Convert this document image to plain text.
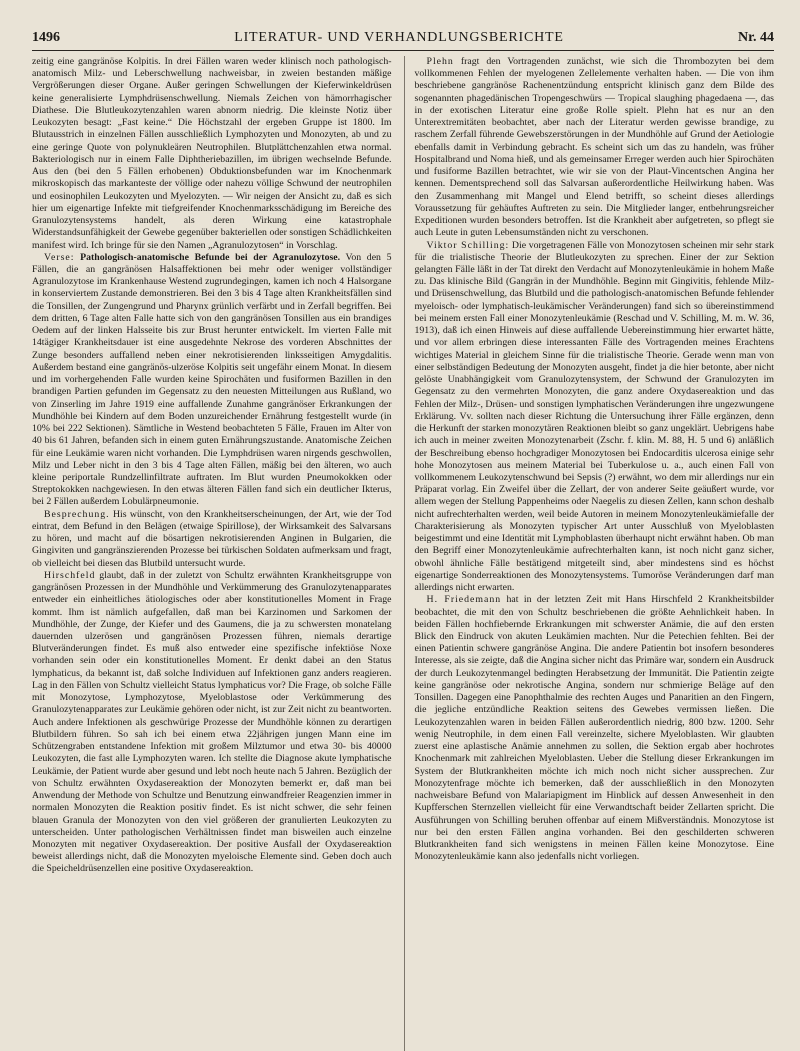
1496	LITERATUR- UND VERHANDLUNGSBERICHTE	Nr. 44

zeitig eine gangränöse Kolpitis. In drei Fällen waren weder klinisch noch pathologisch-anatomisch Milz- und Leberschwellung nachweisbar, in zweien bestanden mäßige Vergrößerungen dieser Organe. Außer geringen Schwellungen der Kieferwinkeldrüsen keine generalisierte Lymphdrüsenschwellung. Niemals Zeichen von hämorrhagischer Diathese. Die Blutleukozytenzahlen waren abnorm niedrig. Die kleinste Notiz über Leukozyten besagt: „Fast keine.“ Die Höchstzahl der ergeben Gruppe ist 1800. Im Blutausstrich in einzelnen Fällen ausschließlich Lymphozyten und Monozyten, ab und zu eine geringe Quote von polynukleären Neutrophilen. Blutplättchenzahlen etwa normal. Bakteriologisch nur in einem Falle Diphtheriebazillen, im übrigen wechselnde Befunde. Aus den (bei den 5 Fällen erhobenen) Obduktionsbefunden war im Knochenmark mikroskopisch das markanteste der völlige oder nahezu völlige Schwund der neutrophilen und eosinophilen Leukozyten und Myelozyten. — Wir neigen der Ansicht zu, daß es sich hier um eigenartige Infekte mit tiefgreifender Knochenmarksschädigung im Bereiche des Granulozytensystems handelt, als deren Wirkung eine katastrophale Widerstandsunfähigkeit der Gewebe gegenüber bakteriellen oder sonstigen Schädlichkeiten manifest wird. Ich bringe für sie den Namen „Agranulozytosen“ in Vorschlag.

Verse: Pathologisch-anatomische Befunde bei der Agranulozytose. Von den 5 Fällen, die an gangränösen Halsaffektionen bei mehr oder weniger vollständiger Agranulozytose im Krankenhause Westend zugrundegingen, kamen ich noch 4 Halsorgane in konserviertem Zustande demonstrieren. Bei den 3 bis 4 Tage alten Krankheitsfällen sind die Tonsillen, der Zungengrund und Pharynx grünlich verfärbt und in Zerfall begriffen. Bei dem dritten, 6 Tage alten Falle hatte sich von den gangränösen Tonsillen aus ein brandiges Oedem auf der linken Halsseite bis zur Brust herunter entwickelt. Im vierten Falle mit 14tägiger Krankheitsdauer ist eine ausgedehnte Nekrose des vorderen Abschnittes der Zunge besonders auffallend neben einer nekrotisierenden linksseitigen Amygdalitis. Außerdem bestand eine gangränös-ulzeröse Kolpitis seit ungefähr einem Monat. In diesem und im vorhergehenden Falle wurden keine Spirochäten und fusiformen Bazillen in den brandigen Partien gefunden im Gegensatz zu den neuesten Mitteilungen aus Rußland, wo von Zinserling im Jahre 1919 eine auffallende Zunahme gangränöser Erkrankungen der Mundhöhle bei Kindern auf dem Boden unzureichender Ernährung festgestellt wurde (in 10% bei 222 Sektionen). Sämtliche in Westend beobachteten 5 Fälle, Frauen im Alter von 40 bis 61 Jahren, befanden sich in einem guten Ernährungszustande. Anatomische Zeichen für eine Leukämie waren nicht vorhanden. Die Lymphdrüsen waren nirgends geschwollen, Milz und Leber nicht in den 3 bis 4 Tage alten Fällen, mäßig bei den älteren, wo auch kleine periportale Rundzellinfiltrate auftraten. Im Blut wurden Pneumokokken oder Streptokokken nachgewiesen. In den etwas älteren Fällen fand sich ein deutlicher Ikterus, bei 2 Fällen außerdem Lobulärpneumonie.

Besprechung. His wünscht, von den Krankheitserscheinungen, der Art, wie der Tod eintrat, dem Befund in den Belägen (etwaige Spirillose), der Wirksamkeit des Salvarsans zu hören, und macht auf die bösartigen nekrotisierenden Anginen in Bulgarien, die Gingiviten und gangränszierenden Prozesse bei türkischen Soldaten aufmerksam und fragt, ob vielleicht bei diesen das Blutbild untersucht wurde.

Hirschfeld glaubt, daß in der zuletzt von Schultz erwähnten Krankheitsgruppe von gangränösen Prozessen in der Mundhöhle und Verkümmerung des Granulozytenapparates entweder ein einheitliches ätiologisches oder aber konstitutionelles Moment in Frage kommt. Ihm ist nämlich aufgefallen, daß man bei Karzinomen und Sarkomen der Mundhöhle, der Zunge, der Kiefer und des Gaumens, die ja zu schwersten monatelang dauernden ulzerösen und gangränösen Prozessen führen, niemals derartige Blutveränderungen findet. Es muß also entweder eine spezifische infektiöse Noxe vorhanden sein oder ein konstitutionelles Moment. Er denkt dabei an den Status lymphaticus, da bekannt ist, daß solche Individuen auf Infektionen ganz anders reagieren. Lag in den Fällen von Schultz vielleicht Status lymphaticus vor? Die Frage, ob solche Fälle mit Monozytose, Lymphozytose, Myeloblastose oder Verkümmerung des Granulozytenapparates zur Leukämie gehören oder nicht, ist zur Zeit nicht zu beantworten. Auch andere Infektionen als geschwürige Prozesse der Mundhöhle können zu derartigen Blutbildern führen. So sah ich bei einem etwa 22jährigen jungen Mann eine im Schützengraben entstandene Infektion mit großem Milztumor und etwa 30- bis 40000 Leukozyten, die fast alle Lymphozyten waren. Ich stellte die Diagnose akute lymphatische Leukämie, der Patient wurde aber gesund und lebt noch heute nach 5 Jahren. Bezüglich der von Schultz erwähnten Oxydasereaktion der Monozyten bemerkt er, daß man bei Anwendung der Methode von Schultze und Benutzung einwandfreier Reagenzien immer in normalen Monozyten die Reaktion positiv findet. Es ist nicht schwer, die sehr feinen blauen Granula der Monozyten von den viel größeren der granulierten Leukozyten zu unterscheiden. Unter pathologischen Verhältnissen findet man bisweilen auch einzelne Monozyten mit negativer Oxydasereaktion. Der positive Ausfall der Oxydasereaktion beweist allerdings nicht, daß die Monozyten myeloische Elemente sind. Geben doch auch die Speicheldrüsenzellen eine positive Oxydasereaktion.

Plehn fragt den Vortragenden zunächst, wie sich die Thrombozyten bei dem vollkommenen Fehlen der myelogenen Zellelemente verhalten haben. — Die von ihm beschriebene gangränöse Rachenentzündung entspricht klinisch ganz dem Bilde des sogenannten phagedänischen Tropengeschwürs — Tropical slaughing phagedaena —, das in der exotischen Literatur eine große Rolle spielt. Plehn hat es nur an den Unterextremitäten beobachtet, aber nach der Literatur werden gewisse brandige, zu raschem Zerfall führende Gewebszerstörungen in der Mundhöhle auf Grund der Aetiologie ebenfalls damit in Verbindung gebracht. Es scheint sich um das zu handeln, was früher Hospitalbrand und Noma hieß, und als gemeinsamer Erreger werden auch hier Spirochäten und fusiforme Bazillen betrachtet, wie wir sie von der Plaut-Vincentschen Angina her kennen. Dementsprechend soll das Salvarsan außerordentliche Heilwirkung haben. Was den Zusammenhang mit Mangel und Elend betrifft, so scheint dieses allerdings Voraussetzung für gehäuftes Auftreten zu sein. Die Mitglieder langer, entbehrungsreicher Expeditionen wurden besonders betroffen. Ist die Krankheit aber aufgetreten, so pflegt sie auch Leute in guten Lebensumständen nicht zu verschonen.

Viktor Schilling: Die vorgetragenen Fälle von Monozytosen scheinen mir sehr stark für die trialistische Theorie der Blutleukozyten zu sprechen. Einer der zur Sektion gelangten Fälle läßt in der Tat direkt den Verdacht auf Monozytenleukämie in hohem Maße zu. Das klinische Bild (Gangrän in der Mundhöhle. Beginn mit Gingivitis, fehlende Milz- und Drüsenschwellung, das Blutbild und die pathologisch-anatomischen Befunde fehlender myeloisch- oder lymphatisch-leukämischer Veränderungen) fand sich so übereinstimmend bei meinem ersten Fall einer Monozytenleukämie (Reschad und V. Schilling, M. m. W. 36, 1913), daß ich einen Hinweis auf diese auffallende Uebereinstimmung hier erwartet hätte, und vor allem erbringen diese interessanten Fälle des Vortragenden meines Erachtens wichtiges Material in gleichem Sinne für die trialistische Theorie. Gerade wenn man von einer selbständigen Bedeutung der Monozyten ausgeht, findet ja die hier betonte, aber nicht gelöste Unabhängigkeit vom Granulozytensystem, der Schwund der Granulozyten im Gegensatz zu den vermehrten Monozyten, die ganz andere Oxydasereaktion und das Fehlen der Milz-, Drüsen- und sonstigen lymphatischen Veränderungen ihre ungezwungene Erklärung. Vv. sollten nach dieser Richtung die Untersuchung ihrer Fälle ergänzen, denn die Herkunft der starken monozytären Reaktionen bleibt so ganz ungeklärt. Uebrigens habe ich auch in meiner zweiten Monozytenarbeit (Zschr. f. klin. M. 88, H. 5 und 6) anläßlich der Beschreibung ebenso hochgradiger Monozytosen bei Endocarditis ulcerosa einige sehr hohe Monozytosen aus meinem Material bei Tuberkulose u. a., auch einen Fall von vollkommenem Leukozytenschwund bei Sepsis (?) erwähnt, wo dem mir allerdings nur ein Präparat vorlag. Ein Zweifel über die Zellart, der von anderer Seite geäußert wurde, vor allem wegen der Stellung Pappenheims oder Naegelis zu diesen Zellen, kann schon deshalb nicht aufrechterhalten werden, weil beide Autoren in meinem Monozytenleukämiefalle der Charakterisierung als Monozyten typischer Art unter Ausschluß von Myeloblasten beigestimmt und eine Identität mit Lymphoblasten überhaupt nicht erwähnt haben. Ob man den Begriff einer Monozytenleukämie aufrechterhalten kann, ist noch nicht ganz sicher, obwohl ähnliche Fälle bestätigend mitgeteilt sind, aber mindestens sind es höchst eigenartige Sonderreaktionen des Monozytensystems. Tumoröse Veränderungen darf man allerdings nicht erwarten.

H. Friedemann hat in der letzten Zeit mit Hans Hirschfeld 2 Krankheitsbilder beobachtet, die mit den von Schultz beschriebenen die größte Aehnlichkeit haben. In beiden Fällen hochfiebernde Erkrankungen mit schwerster Anämie, die auf den ersten Blick den Eindruck von akuten Leukämien machten. Nur die Petechien fehlten. Bei der einen Patientin schwere gangränöse Angina. Die andere Patientin bot insofern besonderes Interesse, als sie zeigte, daß die Angina sicher nicht das Primäre war, sondern ein Ausdruck der durch Leukozytenmangel bedingten Herabsetzung der Immunität. Die Patientin zeigte keine gangränöse oder nekrotische Angina, sondern nur schmierige Beläge auf den Tonsillen. Dagegen eine Panophthalmie des rechten Auges und Panaritien an den Fingern, die jegliche entzündliche Reaktion seitens des Gewebes vermissen ließen. Die Leukozytenzahlen waren in beiden Fällen außerordentlich niedrig, 800 bzw. 1200. Sehr wenig Neutrophile, in dem einen Fall vereinzelte, sichere Myeloblasten. Wir glaubten zuerst eine aplastische Anämie annehmen zu sollen, die Sektion ergab aber hochrotes Knochenmark mit zahlreichen Myeloblasten. Ueber die Stellung dieser Erkrankungen im System der Blutkrankheiten möchte ich mich noch nicht sicher aussprechen. Zur Monozytenfrage möchte ich bemerken, daß der ausschließlich in den Monozyten nachweisbare Befund von Malariapigment im Hinblick auf dessen Anwesenheit in den Kupfferschen Sternzellen vielleicht für eine Verwandtschaft beider Zellarten spricht. Die Ausführungen von Schilling beruhen offenbar auf einem Mißverständnis. Monozytose ist nur bei den ersten Fällen angina vorhanden. Bei den geschilderten schweren Blutkrankheiten fand sich wenigstens in meinen Fällen keine Monozytose. Eine Monozytenleukämie kann also jedenfalls nicht vorliegen.
